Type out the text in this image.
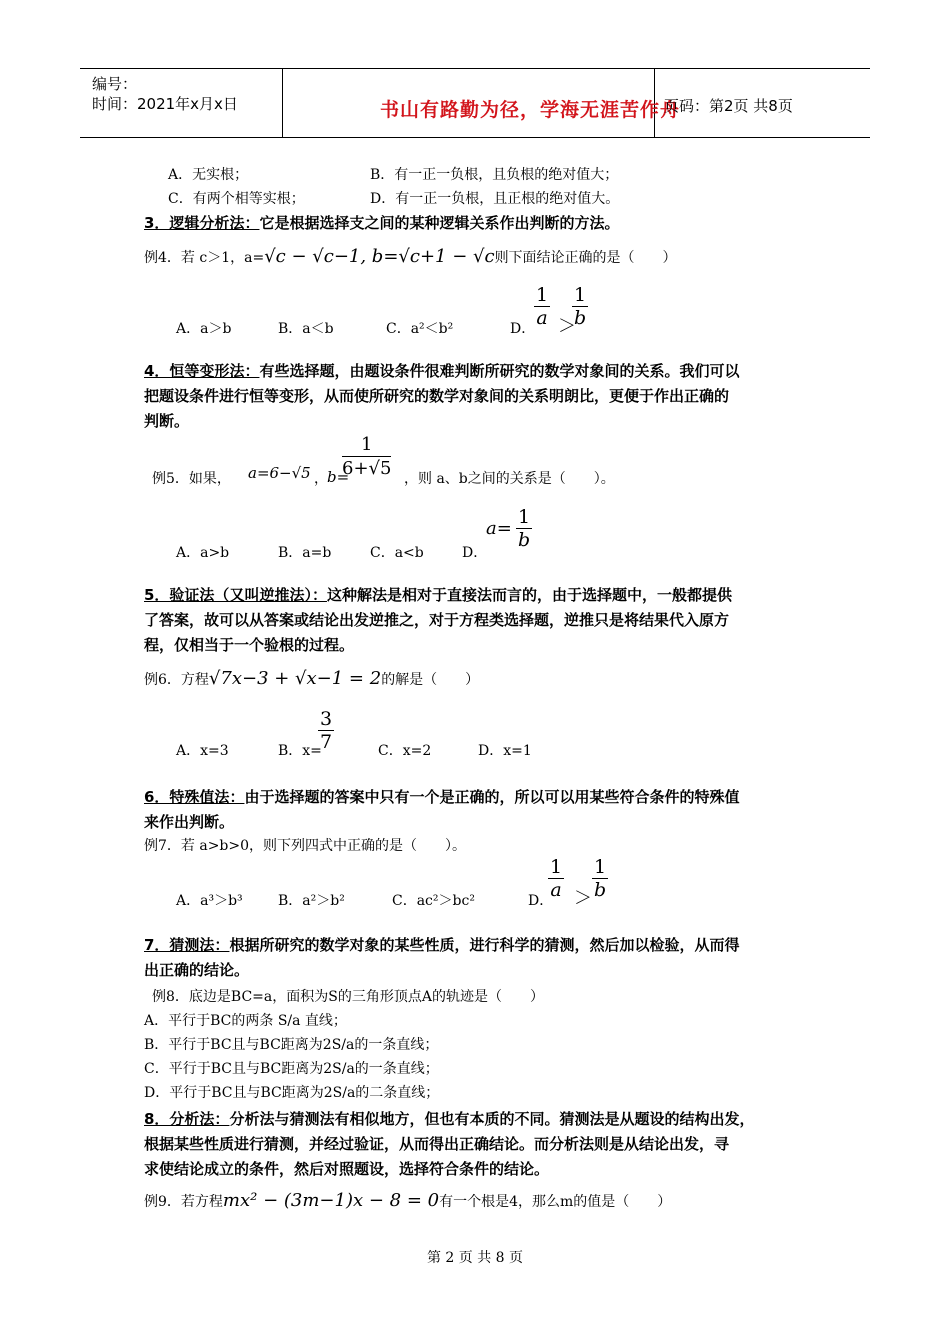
编号：
时间：2021年x月x日	书山有路勤为径，学海无涯苦作舟
页码：第2页 共8页
A．无实根；	B．有一正一负根，且负根的绝对值大；
C．有两个相等实根；	D．有一正一负根，且正根的绝对值大。
3．逻辑分析法：它是根据选择支之间的某种逻辑关系作出判断的方法。
例4．若 c＞1，a=√c − √c−1, b=√c+1 − √c则下面结论正确的是（　　）
A．a＞b	B．a＜b	C．a²＜b²	D．
$\frac{1}{a}$ ＞
$\frac{1}{b}$
4．恒等变形法：有些选择题，由题设条件很难判断所研究的数学对象间的关系。我们可以
把题设条件进行恒等变形，从而使所研究的数学对象间的关系明朗比，更便于作出正确的
判断。
例5．如果， a=6−√5 ， b=
$\frac{1}{6+√5}$ ，则 a、b之间的关系是（　　）。
A．a>b	B．a=b	C．a<b	D．
$a= \frac{1}{b}$
5．验证法（又叫逆推法）：这种解法是相对于直接法而言的，由于选择题中，一般都提供
了答案，故可以从答案或结论出发逆推之，对于方程类选择题，逆推只是将结果代入原方
程，仅相当于一个验根的过程。
例6．方程√7x−3 + √x−1 = 2的解是（　　）
A．x=3	B．x=
$\frac{3}{7}$	C．x=2	D．x=1
6．特殊值法：由于选择题的答案中只有一个是正确的，所以可以用某些符合条件的特殊值
来作出判断。
例7．若 a>b>0，则下列四式中正确的是（　　）。
A．a³＞b³	B．a²＞b²	C．ac²＞bc²	D．
$\frac{1}{a} > \frac{1}{b}$
7．猜测法：根据所研究的数学对象的某些性质，进行科学的猜测，然后加以检验，从而得
出正确的结论。
例8．底边是BC=a，面积为S的三角形顶点A的轨迹是（　　）
A．平行于BC的两条 S/a 直线；
B．平行于BC且与BC距离为2S/a的一条直线；
C．平行于BC且与BC距离为2S/a的一条直线；
D．平行于BC且与BC距离为2S/a的二条直线；
8．分析法：分析法与猜测法有相似地方，但也有本质的不同。猜测法是从题设的结构出发，
根据某些性质进行猜测，并经过验证，从而得出正确结论。而分析法则是从结论出发，寻
求使结论成立的条件，然后对照题设，选择符合条件的结论。
例9．若方程mx² − (3m−1)x − 8 = 0有一个根是4，那么m的值是（　　）
第 2 页 共 8 页
